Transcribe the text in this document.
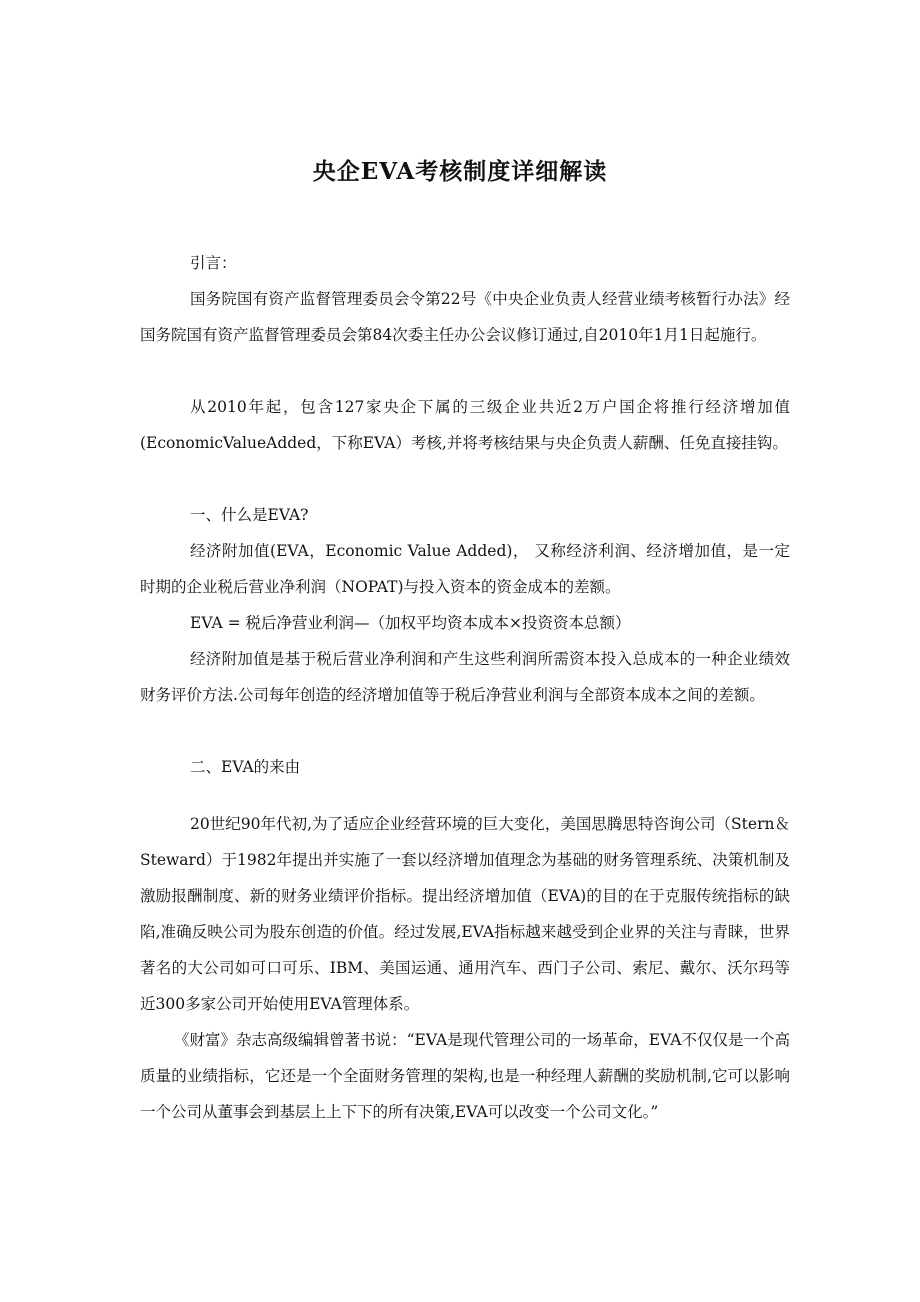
央企EVA考核制度详细解读

引言：

国务院国有资产监督管理委员会令第22号《中央企业负责人经营业绩考核暂行办法》经国务院国有资产监督管理委员会第84次委主任办公会议修订通过,自2010年1月1日起施行。

从2010年起，包含127家央企下属的三级企业共近2万户国企将推行经济增加值(EconomicValueAdded，下称EVA）考核,并将考核结果与央企负责人薪酬、任免直接挂钩。

一、什么是EVA?

经济附加值(EVA，Economic Value Added)， 又称经济利润、经济增加值，是一定时期的企业税后营业净利润（NOPAT)与投入资本的资金成本的差额。

EVA = 税后净营业利润—（加权平均资本成本×投资资本总额）

经济附加值是基于税后营业净利润和产生这些利润所需资本投入总成本的一种企业绩效财务评价方法.公司每年创造的经济增加值等于税后净营业利润与全部资本成本之间的差额。

二、EVA的来由

20世纪90年代初,为了适应企业经营环境的巨大变化，美国思腾思特咨询公司（Stern＆Steward）于1982年提出并实施了一套以经济增加值理念为基础的财务管理系统、决策机制及激励报酬制度、新的财务业绩评价指标。提出经济增加值（EVA)的目的在于克服传统指标的缺陷,准确反映公司为股东创造的价值。经过发展,EVA指标越来越受到企业界的关注与青睐，世界著名的大公司如可口可乐、IBM、美国运通、通用汽车、西门子公司、索尼、戴尔、沃尔玛等近300多家公司开始使用EVA管理体系。

《财富》杂志高级编辑曾著书说：“EVA是现代管理公司的一场革命，EVA不仅仅是一个高质量的业绩指标，它还是一个全面财务管理的架构,也是一种经理人薪酬的奖励机制,它可以影响一个公司从董事会到基层上上下下的所有决策,EVA可以改变一个公司文化。”
